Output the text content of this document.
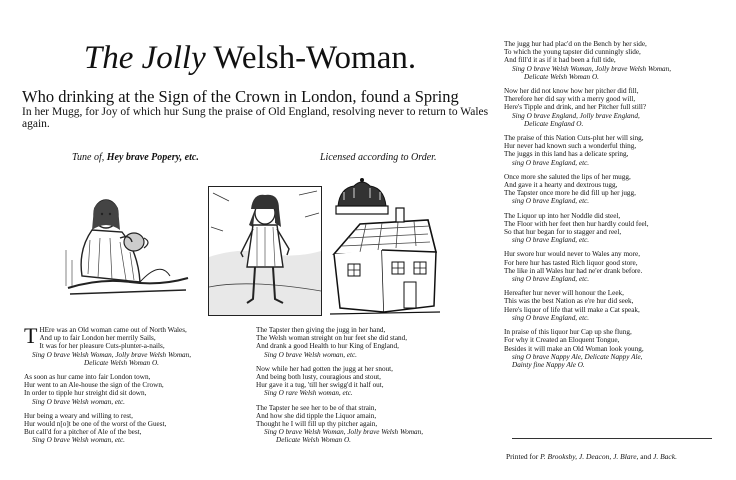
The Jolly Welsh-Woman.
Who drinking at the Sign of the Crown in London, found a Spring
In her Mugg, for Joy of which hur Sung the praise of Old England, resolving never to return to Wales again.
Tune of, Hey brave Popery, etc.	Licensed according to Order.
T HEre was an Old woman came out of North Wales,
And up to fair London her merrily Sails,
It was for her pleasure Cuts-plunter-a-nails,
Sing O brave Welsh Woman, Jolly brave Welsh Woman,
Delicate Welsh Woman O.
As soon as hur came into fair London town,
Hur went to an Ale-house the sign of the Crown,
In order to tipple hur streight did sit down,
Sing O brave Welsh woman, etc.
Hur being a weary and willing to rest,
Hur would n[o]t be one of the worst of the Guest,
But call'd for a pitcher of Ale of the best,
Sing O brave Welsh woman, etc.
The Tapster then giving the jugg in her hand,
The Welsh woman streight on hur feet she did stand,
And drank a good Health to hur King of England,
Sing O brave Welsh woman, etc.
Now while her had gotten the jugg at her snout,
And being both lusty, couragious and stout,
Hur gave it a tug, 'till her swigg'd it half out,
Sing O rare Welsh woman, etc.
The Tapster he see her to be of that strain,
And how she did tipple the Liquor amain,
Thought he I will fill up thy pitcher again,
Sing O brave Welsh Woman, Jolly brave Welsh Woman,
Delicate Welsh Woman O.
The jugg hur had plac'd on the Bench by her side,
To which the young tapster did cunningly slide,
And fill'd it as if it had been a full tide,
Sing O brave Welsh Woman, Jolly brave Welsh Woman,
Delicate Welsh Woman O.
Now her did not know how her pitcher did fill,
Therefore her did say with a merry good will,
Here's Tipple and drink, and her Pitcher full still?
Sing O brave England, Jolly brave England,
Delicate England O.
The praise of this Nation Cuts-plut her will sing,
Hur never had known such a wonderful thing,
The juggs in this land has a delicate spring,
sing O brave England, etc.
Once more she saluted the lips of her mugg,
And gave it a hearty and dextrous tugg,
The Tapster once more he did fill up her jugg,
sing O brave England, etc.
The Liquor up into her Noddle did steel,
The Floor with her feet then hur hardly could feel,
So that hur began for to stagger and reel,
sing O brave England, etc.
Hur swore hur would never to Wales any more,
For here hur has tasted Rich liquor good store,
The like in all Wales hur had ne'er drank before.
sing O brave England, etc.
Hereafter hur never will honour the Leek,
This was the best Nation as e're hur did seek,
Here's liquor of life that will make a Cat speak,
sing O brave England, etc.
In praise of this liquor hur Cap up she flung,
For why it Created an Eloquent Tongue,
Besides it will make an Old Woman look young,
sing O brave Nappy Ale, Delicate Nappy Ale,
Dainty fine Nappy Ale O.
Printed for P. Brooksby, J. Deacon, J. Blare, and J. Back.
